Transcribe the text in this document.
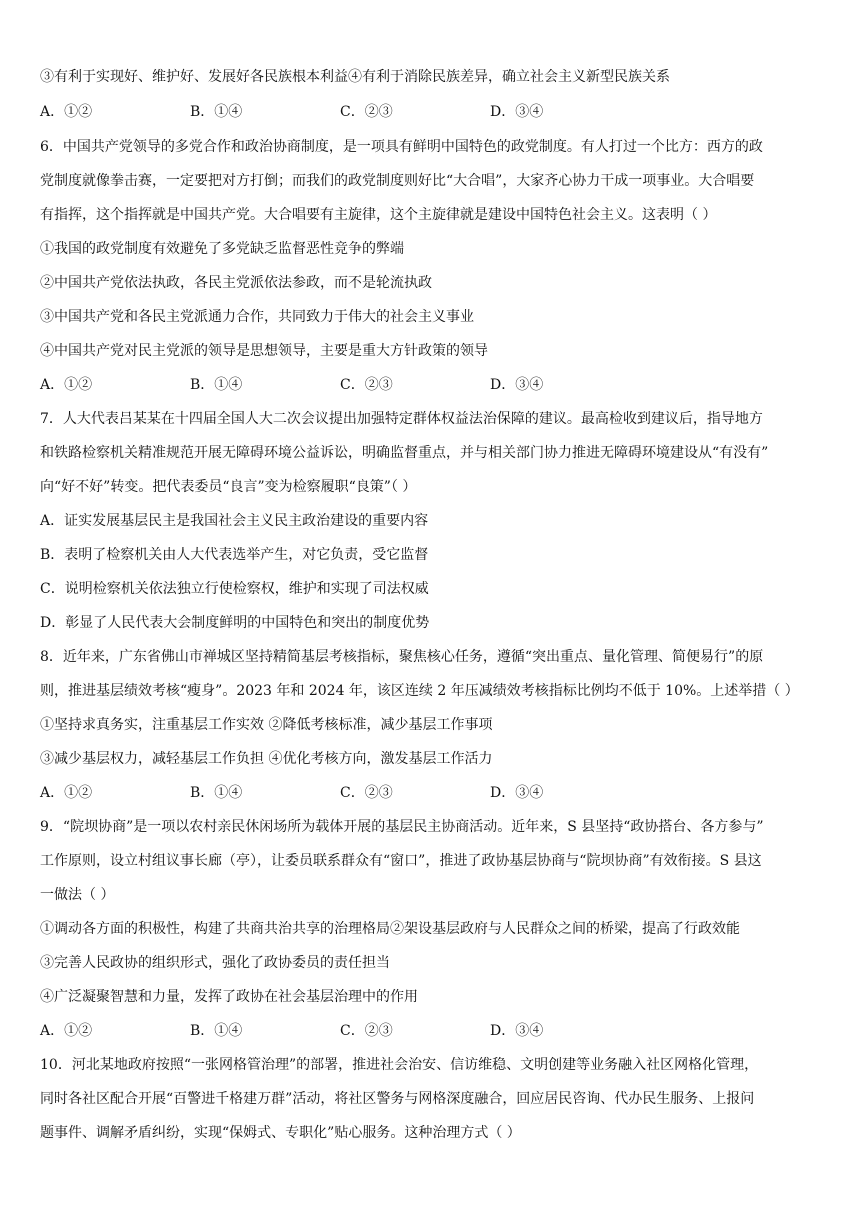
③有利于实现好、维护好、发展好各民族根本利益④有利于消除民族差异，确立社会主义新型民族关系
A．①②	B．①④	C．②③	D．③④
6．中国共产党领导的多党合作和政治协商制度，是一项具有鲜明中国特色的政党制度。有人打过一个比方：西方的政
党制度就像拳击赛，一定要把对方打倒；而我们的政党制度则好比“大合唱”，大家齐心协力干成一项事业。大合唱要
有指挥，这个指挥就是中国共产党。大合唱要有主旋律，这个主旋律就是建设中国特色社会主义。这表明（ ）
①我国的政党制度有效避免了多党缺乏监督恶性竞争的弊端
②中国共产党依法执政，各民主党派依法参政，而不是轮流执政
③中国共产党和各民主党派通力合作，共同致力于伟大的社会主义事业
④中国共产党对民主党派的领导是思想领导，主要是重大方针政策的领导
A．①②	B．①④	C．②③	D．③④
7．人大代表吕某某在十四届全国人大二次会议提出加强特定群体权益法治保障的建议。最高检收到建议后，指导地方
和铁路检察机关精准规范开展无障碍环境公益诉讼，明确监督重点，并与相关部门协力推进无障碍环境建设从“有没有”
向“好不好”转变。把代表委员“良言”变为检察履职“良策”（ ）
A．证实发展基层民主是我国社会主义民主政治建设的重要内容
B．表明了检察机关由人大代表选举产生，对它负责，受它监督
C．说明检察机关依法独立行使检察权，维护和实现了司法权威
D．彰显了人民代表大会制度鲜明的中国特色和突出的制度优势
8．近年来，广东省佛山市禅城区坚持精简基层考核指标，聚焦核心任务，遵循“突出重点、量化管理、简便易行”的原
则，推进基层绩效考核“瘦身”。2023 年和 2024 年，该区连续 2 年压减绩效考核指标比例均不低于 10%。上述举措（ ）
①坚持求真务实，注重基层工作实效 ②降低考核标准，减少基层工作事项
③减少基层权力，减轻基层工作负担 ④优化考核方向，激发基层工作活力
A．①②	B．①④	C．②③	D．③④
9．“院坝协商”是一项以农村亲民休闲场所为载体开展的基层民主协商活动。近年来，S 县坚持“政协搭台、各方参与”
工作原则，设立村组议事长廊（亭），让委员联系群众有“窗口”，推进了政协基层协商与“院坝协商”有效衔接。S 县这
一做法（ ）
①调动各方面的积极性，构建了共商共治共享的治理格局②架设基层政府与人民群众之间的桥梁，提高了行政效能
③完善人民政协的组织形式，强化了政协委员的责任担当
④广泛凝聚智慧和力量，发挥了政协在社会基层治理中的作用
A．①②	B．①④	C．②③	D．③④
10．河北某地政府按照“一张网格管治理”的部署，推进社会治安、信访维稳、文明创建等业务融入社区网格化管理，
同时各社区配合开展“百警进千格建万群”活动，将社区警务与网格深度融合，回应居民咨询、代办民生服务、上报问
题事件、调解矛盾纠纷，实现“保姆式、专职化”贴心服务。这种治理方式（ ）
